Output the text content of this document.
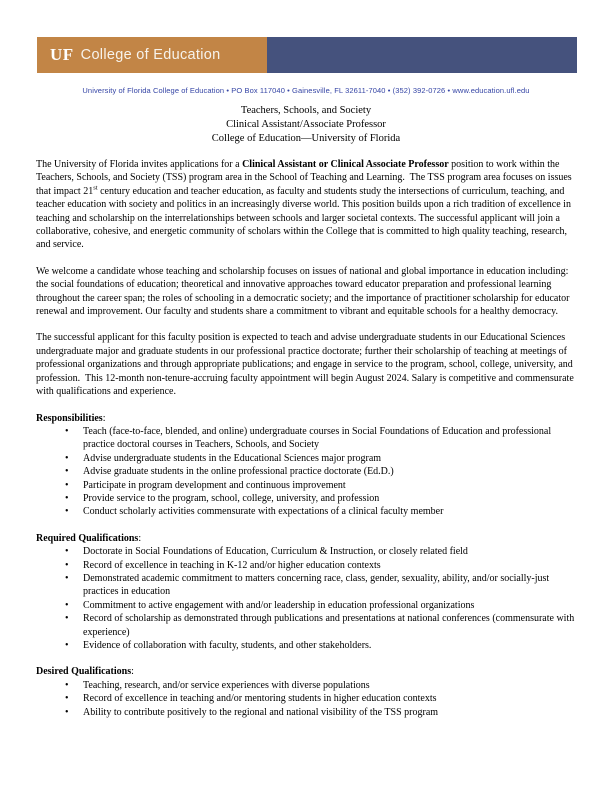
UF College of Education
University of Florida College of Education • PO Box 117040 • Gainesville, FL 32611-7040 • (352) 392-0726 • www.education.ufl.edu
Teachers, Schools, and Society
Clinical Assistant/Associate Professor
College of Education—University of Florida

The University of Florida invites applications for a Clinical Assistant or Clinical Associate Professor position to work within the Teachers, Schools, and Society (TSS) program area in the School of Teaching and Learning.  The TSS program area focuses on issues that impact 21st century education and teacher education, as faculty and students study the intersections of curriculum, teaching, and teacher education with society and politics in an increasingly diverse world. This position builds upon a rich tradition of excellence in teaching and scholarship on the interrelationships between schools and larger societal contexts. The successful applicant will join a collaborative, cohesive, and energetic community of scholars within the College that is committed to high quality teaching, research, and service.

We welcome a candidate whose teaching and scholarship focuses on issues of national and global importance in education including: the social foundations of education; theoretical and innovative approaches toward educator preparation and professional learning throughout the career span; the roles of schooling in a democratic society; and the importance of practitioner scholarship for educator renewal and improvement. Our faculty and students share a commitment to vibrant and equitable schools for a healthy democracy.

The successful applicant for this faculty position is expected to teach and advise undergraduate students in our Educational Sciences undergraduate major and graduate students in our professional practice doctorate; further their scholarship of teaching at meetings of professional organizations and through appropriate publications; and engage in service to the program, school, college, university, and profession.  This 12-month non-tenure-accruing faculty appointment will begin August 2024. Salary is competitive and commensurate with qualifications and experience.

Responsibilities:
•	Teach (face-to-face, blended, and online) undergraduate courses in Social Foundations of Education and professional practice doctoral courses in Teachers, Schools, and Society
•	Advise undergraduate students in the Educational Sciences major program
•	Advise graduate students in the online professional practice doctorate (Ed.D.)
•	Participate in program development and continuous improvement
•	Provide service to the program, school, college, university, and profession
•	Conduct scholarly activities commensurate with expectations of a clinical faculty member
Required Qualifications:
•	Doctorate in Social Foundations of Education, Curriculum & Instruction, or closely related field
•	Record of excellence in teaching in K-12 and/or higher education contexts
•	Demonstrated academic commitment to matters concerning race, class, gender, sexuality, ability, and/or socially-just practices in education
•	Commitment to active engagement with and/or leadership in education professional organizations
•	Record of scholarship as demonstrated through publications and presentations at national conferences (commensurate with experience)
•	Evidence of collaboration with faculty, students, and other stakeholders.
Desired Qualifications:
•	Teaching, research, and/or service experiences with diverse populations
•	Record of excellence in teaching and/or mentoring students in higher education contexts
•	Ability to contribute positively to the regional and national visibility of the TSS program
